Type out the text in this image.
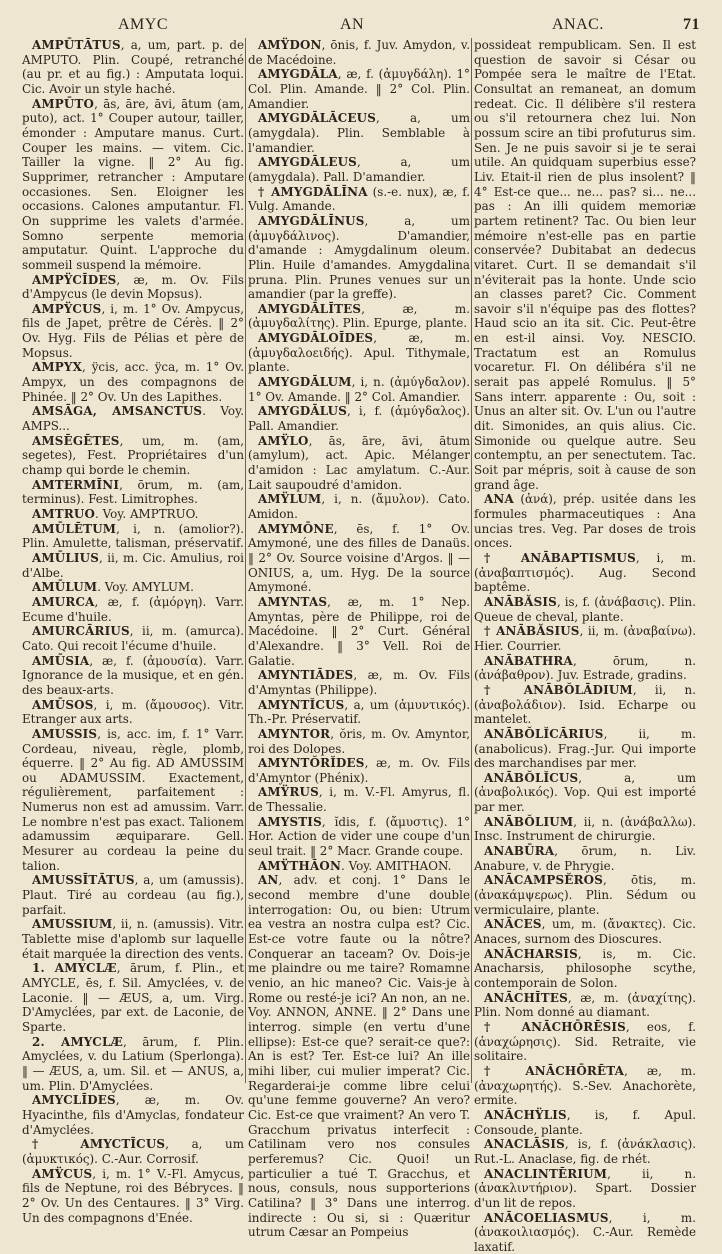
AMYC	AN	ANAC.	71

AMPŪTĀTUS, a, um, part. p. de AMPUTO. Plin. Coupé, retranché (au pr. et au fig.) : Amputata loqui. Cic. Avoir un style haché.

AMPŪTO, ās, āre, āvi, ātum (am, puto), act. 1° Couper autour, tailler, émonder : Amputare manus. Curt. Couper les mains. — vitem. Cic. Tailler la vigne. ‖ 2° Au fig. Supprimer, retrancher : Amputare occasiones. Sen. Eloigner les occasions. Calones amputantur. Fl. On supprime les valets d'armée. Somno serpente memoria amputatur. Quint. L'approche du sommeil suspend la mémoire.

AMPŸCĪDES, æ, m. Ov. Fils d'Ampycus (le devin Mopsus).

AMPŸCUS, i, m. 1° Ov. Ampycus, fils de Japet, prêtre de Cérès. ‖ 2° Ov. Hyg. Fils de Pélias et père de Mopsus.

AMPYX, ÿcis, acc. ÿca, m. 1° Ov. Ampyx, un des compagnons de Phinée. ‖ 2° Ov. Un des Lapithes.

AMSĀGA, AMSANCTUS. Voy. AMPS...

AMSĒGĒTES, um, m. (am, segetes), Fest. Propriétaires d'un champ qui borde le chemin.

AMTERMĪNI, ōrum, m. (am, terminus). Fest. Limitrophes.

AMTRUO. Voy. AMPTRUO.

AMŪLĒTUM, i, n. (amolior?). Plin. Amulette, talisman, préservatif.

AMŪLIUS, ii, m. Cic. Amulius, roi d'Albe.

AMŪLUM. Voy. AMYLUM.

AMURCA, æ, f. (ἀμόργη). Varr. Ecume d'huile.

AMURCĀRIUS, ii, m. (amurca). Cato. Qui recoit l'écume d'huile.

AMŪSIA, æ, f. (ἀμουσία). Varr. Ignorance de la musique, et en gén. des beaux-arts.

AMŪSOS, i, m. (ἄμουσος). Vitr. Etranger aux arts.

AMUSSIS, is, acc. im, f. 1° Varr. Cordeau, niveau, règle, plomb, équerre. ‖ 2° Au fig. AD AMUSSIM ou ADAMUSSIM. Exactement, régulièrement, parfaitement : Numerus non est ad amussim. Varr. Le nombre n'est pas exact. Talionem adamussim æquiparare. Gell. Mesurer au cordeau la peine du talion.

AMUSSĪTĀTUS, a, um (amussis). Plaut. Tiré au cordeau (au fig.), parfait.

AMUSSIUM, ii, n. (amussis). Vitr. Tablette mise d'aplomb sur laquelle était marquée la direction des vents.

1. AMYCLÆ, ārum, f. Plin., et AMYCLE, ēs, f. Sil. Amyclées, v. de Laconie. ‖ — ÆUS, a, um. Virg. D'Amyclées, par ext. de Laconie, de Sparte.

2. AMYCLÆ, ārum, f. Plin. Amyclées, v. du Latium (Sperlonga). ‖ — ÆUS, a, um. Sil. et — ANUS, a, um. Plin. D'Amyclées.

AMYCLĪDES, æ, m. Ov. Hyacinthe, fils d'Amyclas, fondateur d'Amyclées.

† AMYCTĪCUS, a, um (ἀμυκτικός). C.-Aur. Corrosif.

AMŸCUS, i, m. 1° V.-Fl. Amycus, fils de Neptune, roi des Bébryces. ‖ 2° Ov. Un des Centaures. ‖ 3° Virg. Un des compagnons d'Enée.

AMŸDON, ōnis, f. Juv. Amydon, v. de Macédoine.

AMYGDĀLA, æ, f. (ἀμυγδάλη). 1° Col. Plin. Amande. ‖ 2° Col. Plin. Amandier.

AMYGDĀLĀCEUS, a, um (amygdala). Plin. Semblable à l'amandier.

AMYGDĀLEUS, a, um (amygdala). Pall. D'amandier.

† AMYGDĀLĪNA (s.-e. nux), æ, f. Vulg. Amande.

AMYGDĀLĪNUS, a, um (ἀμυγδάλινος). D'amandier, d'amande : Amygdalinum oleum. Plin. Huile d'amandes. Amygdalina pruna. Plin. Prunes venues sur un amandier (par la greffe).

AMYGDĀLĪTES, æ, m. (ἀμυγδαλίτης). Plin. Epurge, plante.

AMYGDĀLOĪDES, æ, m. (ἀμυγδαλοειδής). Apul. Tithymale, plante.

AMYGDĀLUM, i, n. (ἀμύγδαλον). 1° Ov. Amande. ‖ 2° Col. Amandier.

AMYGDĀLUS, i, f. (ἀμύγδαλος). Pall. Amandier.

AMŸLO, ās, āre, āvi, ātum (amylum), act. Apic. Mélanger d'amidon : Lac amylatum. C.-Aur. Lait saupoudré d'amidon.

AMŸLUM, i, n. (ἄμυλον). Cato. Amidon.

AMYMŌNE, ēs, f. 1° Ov. Amymoné, une des filles de Danaüs. ‖ 2° Ov. Source voisine d'Argos. ‖ — ONIUS, a, um. Hyg. De la source Amymoné.

AMYNTAS, æ, m. 1° Nep. Amyntas, père de Philippe, roi de Macédoine. ‖ 2° Curt. Général d'Alexandre. ‖ 3° Vell. Roi de Galatie.

AMYNTIĀDES, æ, m. Ov. Fils d'Amyntas (Philippe).

AMYNTĬCUS, a, um (ἀμυντικός). Th.-Pr. Préservatif.

AMYNTOR, ŏris, m. Ov. Amyntor, roi des Dolopes.

AMYNTŎRĬDES, æ, m. Ov. Fils d'Amyntor (Phénix).

AMŸRUS, i, m. V.-Fl. Amyrus, fl. de Thessalie.

AMYSTIS, ĭdis, f. (ἄμυστις). 1° Hor. Action de vider une coupe d'un seul trait. ‖ 2° Macr. Grande coupe.

AMŸTHĀON. Voy. AMITHAON.

AN, adv. et conj. 1° Dans le second membre d'une double interrogation: Ou, ou bien: Utrum ea vestra an nostra culpa est? Cic. Est-ce votre faute ou la nôtre? Conquerar an taceam? Ov. Dois-je me plaindre ou me taire? Romamne venio, an hic maneo? Cic. Vais-je à Rome ou resté-je ici? An non, an ne. Voy. ANNON, ANNE. ‖ 2° Dans une interrog. simple (en vertu d'une ellipse): Est-ce que? serait-ce que?: An is est? Ter. Est-ce lui? An ille mihi liber, cui mulier imperat? Cic. Regarderai-je comme libre celui qu'une femme gouverne? An vero? Cic. Est-ce que vraiment? An vero T. Gracchum privatus interfecit : Catilinam vero nos consules perferemus? Cic. Quoi! un particulier a tué T. Gracchus, et nous, consuls, nous supporterions Catilina? ‖ 3° Dans une interrog. indirecte : Ou si, si : Quæritur utrum Cæsar an Pompeius

possideat rempublicam. Sen. Il est question de savoir si César ou Pompée sera le maître de l'Etat. Consultat an remaneat, an domum redeat. Cic. Il délibère s'il restera ou s'il retournera chez lui. Non possum scire an tibi profuturus sim. Sen. Je ne puis savoir si je te serai utile. An quidquam superbius esse? Liv. Etait-il rien de plus insolent? ‖ 4° Est-ce que... ne... pas? si... ne... pas : An illi quidem memoriæ partem retinent? Tac. Ou bien leur mémoire n'est-elle pas en partie conservée? Dubitabat an dedecus vitaret. Curt. Il se demandait s'il n'éviterait pas la honte. Unde scio an classes paret? Cic. Comment savoir s'il n'équipe pas des flottes? Haud scio an ita sit. Cic. Peut-être en est-il ainsi. Voy. NESCIO. Tractatum est an Romulus vocaretur. Fl. On délibéra s'il ne serait pas appelé Romulus. ‖ 5° Sans interr. apparente : Ou, soit : Unus an alter sit. Ov. L'un ou l'autre dit. Simonides, an quis alius. Cic. Simonide ou quelque autre. Seu contemptu, an per senectutem. Tac. Soit par mépris, soit à cause de son grand âge.

ANA (ἀνά), prép. usitée dans les formules pharmaceutiques : Ana uncias tres. Veg. Par doses de trois onces.

† ANĀBAPTISMUS, i, m. (ἀναβαπτισμός). Aug. Second baptême.

ANĀBĂSIS, is, f. (ἀνάβασις). Plin. Queue de cheval, plante.

† ANĀBĂSIUS, ii, m. (ἀναβαίνω). Hier. Courrier.

ANĀBATHRA, ōrum, n. (ἀνάβαθρον). Juv. Estrade, gradins.

† ANĀBŎLĀDIUM, ii, n. (ἀναβολάδιον). Isid. Echarpe ou mantelet.

ANĀBŎLĬCĀRIUS, ii, m. (anabolicus). Frag.-Jur. Qui importe des marchandises par mer.

ANĀBŎLĬCUS, a, um (ἀναβολικός). Vop. Qui est importé par mer.

ANĀBŎLIUM, ii, n. (ἀνάβαλλω). Insc. Instrument de chirurgie.

ANABŪRA, ōrum, n. Liv. Anabure, v. de Phrygie.

ANĀCAMPSĔROS, ōtis, m. (ἀνακάμψερως). Plin. Sédum ou vermiculaire, plante.

ANĀCES, um, m. (ἄνακτες). Cic. Anaces, surnom des Dioscures.

ANĀCHARSIS, is, m. Cic. Anacharsis, philosophe scythe, contemporain de Solon.

ANĀCHĪTES, æ, m. (ἀναχίτης). Plin. Nom donné au diamant.

† ANĀCHŌRĒSIS, eos, f. (ἀναχώρησις). Sid. Retraite, vie solitaire.

† ANĀCHŌRĒTA, æ, m. (ἀναχωρητής). S.-Sev. Anachorète, ermite.

ANĀCHŸLIS, is, f. Apul. Consoude, plante.

ANACLĀSIS, is, f. (ἀνάκλασις). Rut.-L. Anaclase, fig. de rhét.

ANACLINTĒRIUM, ii, n. (ἀνακλιντήριον). Spart. Dossier d'un lit de repos.

ANĀCOELIASMUS, i, m. (ἀνακοιλιασμός). C.-Aur. Remède laxatif.
